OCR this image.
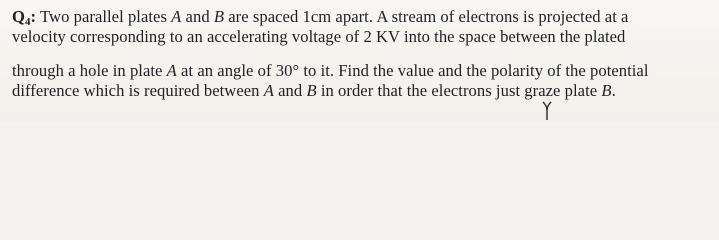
$Q_4$: Two parallel plates A and B are spaced 1cm apart. A stream of electrons is projected at a
velocity corresponding to an accelerating voltage of 2 KV into the space between the plated
through a hole in plate A at an angle of 30° to it. Find the value and the polarity of the potential
difference which is required between A and B in order that the electrons just graze plate B.
